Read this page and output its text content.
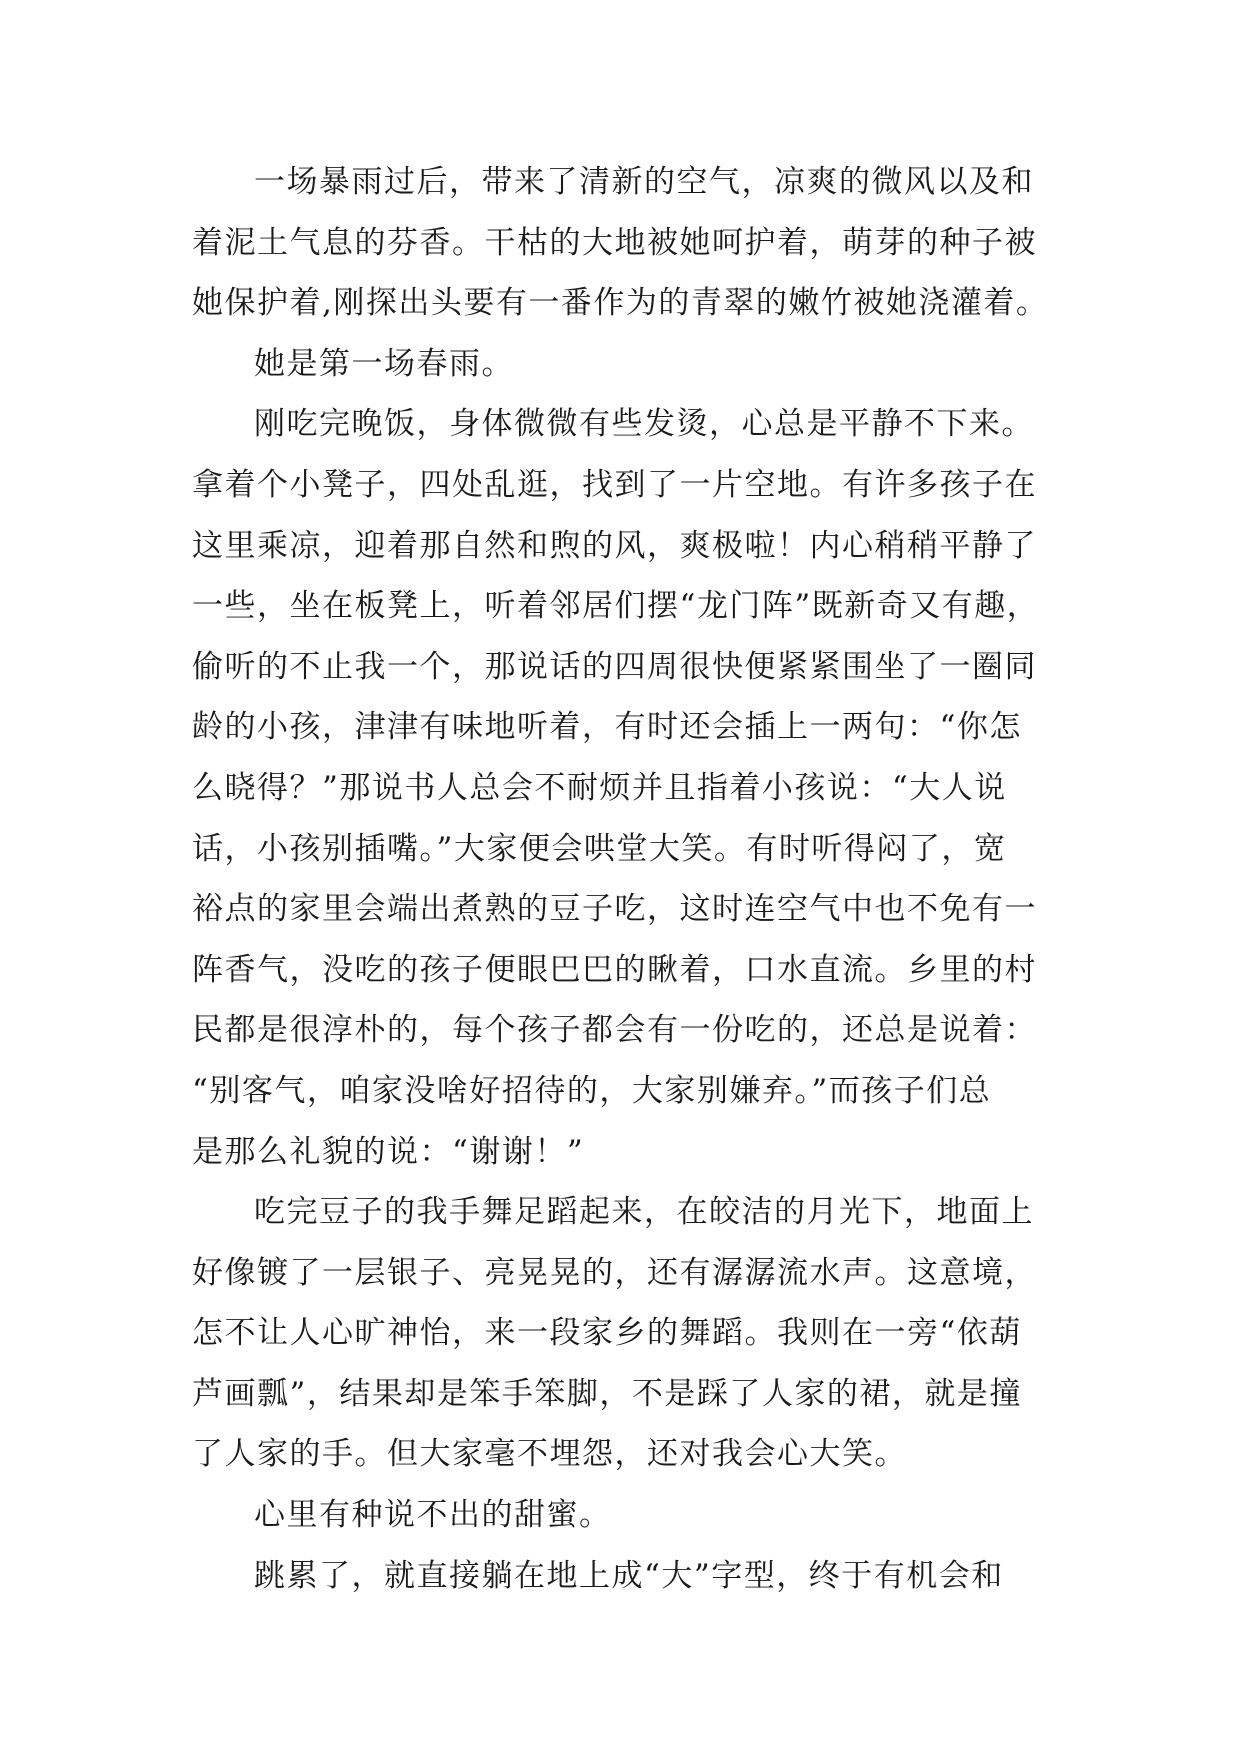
一场暴雨过后，带来了清新的空气，凉爽的微风以及和
着泥土气息的芬香。干枯的大地被她呵护着，萌芽的种子被
她保护着,刚探出头要有一番作为的青翠的嫩竹被她浇灌着。
她是第一场春雨。
刚吃完晚饭，身体微微有些发烫，心总是平静不下来。
拿着个小凳子，四处乱逛，找到了一片空地。有许多孩子在
这里乘凉，迎着那自然和煦的风，爽极啦！内心稍稍平静了
一些，坐在板凳上，听着邻居们摆“龙门阵”既新奇又有趣，
偷听的不止我一个，那说话的四周很快便紧紧围坐了一圈同
龄的小孩，津津有味地听着，有时还会插上一两句：“你怎
么晓得？”那说书人总会不耐烦并且指着小孩说：“大人说
话，小孩别插嘴。”大家便会哄堂大笑。有时听得闷了，宽
裕点的家里会端出煮熟的豆子吃，这时连空气中也不免有一
阵香气，没吃的孩子便眼巴巴的瞅着，口水直流。乡里的村
民都是很淳朴的，每个孩子都会有一份吃的，还总是说着：
“别客气，咱家没啥好招待的，大家别嫌弃。”而孩子们总
是那么礼貌的说：“谢谢！”
吃完豆子的我手舞足蹈起来，在皎洁的月光下，地面上
好像镀了一层银子、亮晃晃的，还有潺潺流水声。这意境，
怎不让人心旷神怡，来一段家乡的舞蹈。我则在一旁“依葫
芦画瓢”，结果却是笨手笨脚，不是踩了人家的裙，就是撞
了人家的手。但大家毫不埋怨，还对我会心大笑。
心里有种说不出的甜蜜。
跳累了，就直接躺在地上成“大”字型，终于有机会和
